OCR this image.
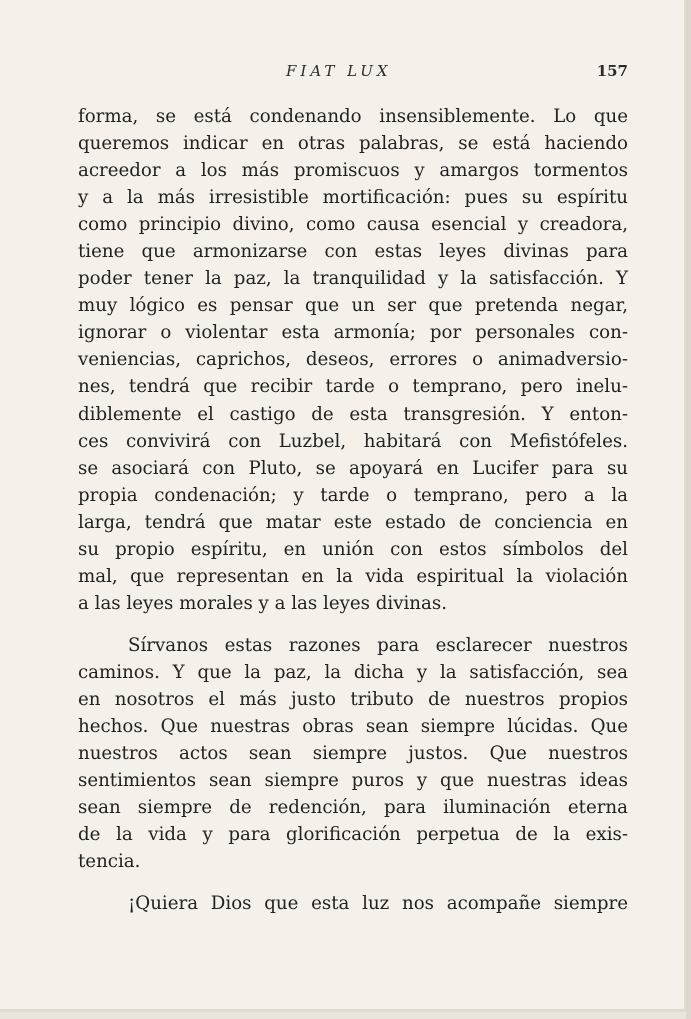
FIAT LUX	157
forma, se está condenando insensiblemente. Lo que
queremos indicar en otras palabras, se está haciendo
acreedor a los más promiscuos y amargos tormentos
y a la más irresistible mortificación: pues su espíritu
como principio divino, como causa esencial y creadora,
tiene que armonizarse con estas leyes divinas para
poder tener la paz, la tranquilidad y la satisfacción. Y
muy lógico es pensar que un ser que pretenda negar,
ignorar o violentar esta armonía; por personales con-
veniencias, caprichos, deseos, errores o animadversio-
nes, tendrá que recibir tarde o temprano, pero inelu-
diblemente el castigo de esta transgresión. Y enton-
ces convivirá con Luzbel, habitará con Mefistófeles.
se asociará con Pluto, se apoyará en Lucifer para su
propia condenación; y tarde o temprano, pero a la
larga, tendrá que matar este estado de conciencia en
su propio espíritu, en unión con estos símbolos del
mal, que representan en la vida espiritual la violación
a las leyes morales y a las leyes divinas.
Sírvanos estas razones para esclarecer nuestros
caminos. Y que la paz, la dicha y la satisfacción, sea
en nosotros el más justo tributo de nuestros propios
hechos. Que nuestras obras sean siempre lúcidas. Que
nuestros actos sean siempre justos. Que nuestros
sentimientos sean siempre puros y que nuestras ideas
sean siempre de redención, para iluminación eterna
de la vida y para glorificación perpetua de la exis-
tencia.
¡Quiera Dios que esta luz nos acompañe siempre
